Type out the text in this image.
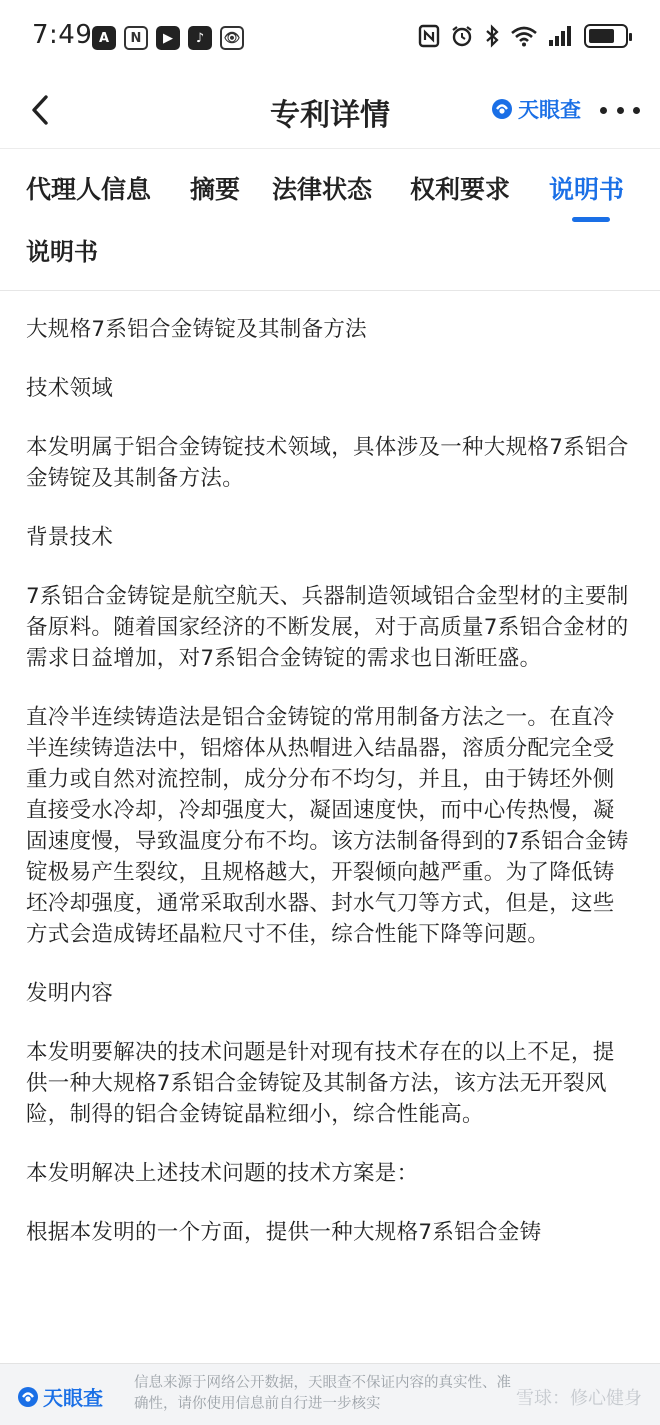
7:49 A	N	▶	♪	👁
专利详情	天眼查
代理人信息 摘要 法律状态 权利要求 说明书
说明书

大规格7系铝合金铸锭及其制备方法

技术领域

本发明属于铝合金铸锭技术领域，具体涉及一种大规格7系铝合金铸锭及其制备方法。

背景技术

7系铝合金铸锭是航空航天、兵器制造领域铝合金型材的主要制备原料。随着国家经济的不断发展，对于高质量7系铝合金材的需求日益增加，对7系铝合金铸锭的需求也日渐旺盛。

直冷半连续铸造法是铝合金铸锭的常用制备方法之一。在直冷半连续铸造法中，铝熔体从热帽进入结晶器，溶质分配完全受重力或自然对流控制，成分分布不均匀，并且，由于铸坯外侧直接受水冷却，冷却强度大，凝固速度快，而中心传热慢，凝固速度慢，导致温度分布不均。该方法制备得到的7系铝合金铸锭极易产生裂纹，且规格越大，开裂倾向越严重。为了降低铸坯冷却强度，通常采取刮水器、封水气刀等方式，但是，这些方式会造成铸坯晶粒尺寸不佳，综合性能下降等问题。

发明内容

本发明要解决的技术问题是针对现有技术存在的以上不足，提供一种大规格7系铝合金铸锭及其制备方法，该方法无开裂风险，制得的铝合金铸锭晶粒细小，综合性能高。

本发明解决上述技术问题的技术方案是：

根据本发明的一个方面，提供一种大规格7系铝合金铸

天眼查
信息来源于网络公开数据，天眼查不保证内容的真实性、准确性，请你使用信息前自行进一步核实	雪球：修心健身
